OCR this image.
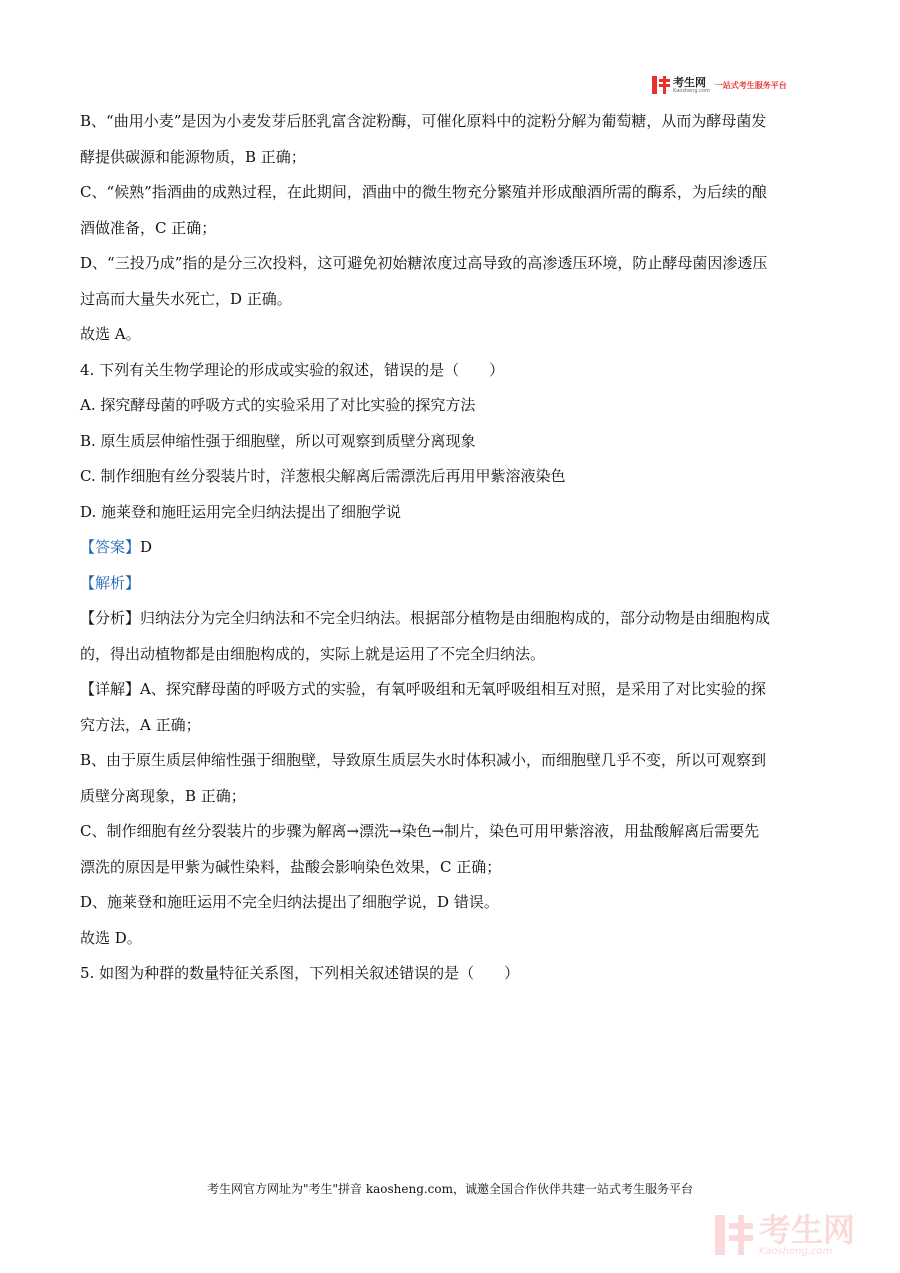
考生网
Kaosheng.com
一站式考生服务平台

B、“曲用小麦”是因为小麦发芽后胚乳富含淀粉酶，可催化原料中的淀粉分解为葡萄糖，从而为酵母菌发

酵提供碳源和能源物质，B 正确；

C、“候熟”指酒曲的成熟过程，在此期间，酒曲中的微生物充分繁殖并形成酿酒所需的酶系，为后续的酿

酒做准备，C 正确；

D、“三投乃成”指的是分三次投料，这可避免初始糖浓度过高导致的高渗透压环境，防止酵母菌因渗透压

过高而大量失水死亡，D 正确。

故选 A。

4. 下列有关生物学理论的形成或实验的叙述，错误的是（　　）

A. 探究酵母菌的呼吸方式的实验采用了对比实验的探究方法

B. 原生质层伸缩性强于细胞壁，所以可观察到质壁分离现象

C. 制作细胞有丝分裂装片时，洋葱根尖解离后需漂洗后再用甲紫溶液染色

D. 施莱登和施旺运用完全归纳法提出了细胞学说

【答案】D

【解析】

【分析】归纳法分为完全归纳法和不完全归纳法。根据部分植物是由细胞构成的，部分动物是由细胞构成

的，得出动植物都是由细胞构成的，实际上就是运用了不完全归纳法。

【详解】A、探究酵母菌的呼吸方式的实验，有氧呼吸组和无氧呼吸组相互对照，是采用了对比实验的探

究方法，A 正确；

B、由于原生质层伸缩性强于细胞壁，导致原生质层失水时体积减小，而细胞壁几乎不变，所以可观察到

质壁分离现象，B 正确；

C、制作细胞有丝分裂装片的步骤为解离→漂洗→染色→制片，染色可用甲紫溶液，用盐酸解离后需要先

漂洗的原因是甲紫为碱性染料，盐酸会影响染色效果，C 正确；

D、施莱登和施旺运用不完全归纳法提出了细胞学说，D 错误。

故选 D。

5. 如图为种群的数量特征关系图，下列相关叙述错误的是（　　）

考生网官方网址为"考生"拼音 kaosheng.com，诚邀全国合作伙伴共建一站式考生服务平台
考生网
Kaosheng.com
